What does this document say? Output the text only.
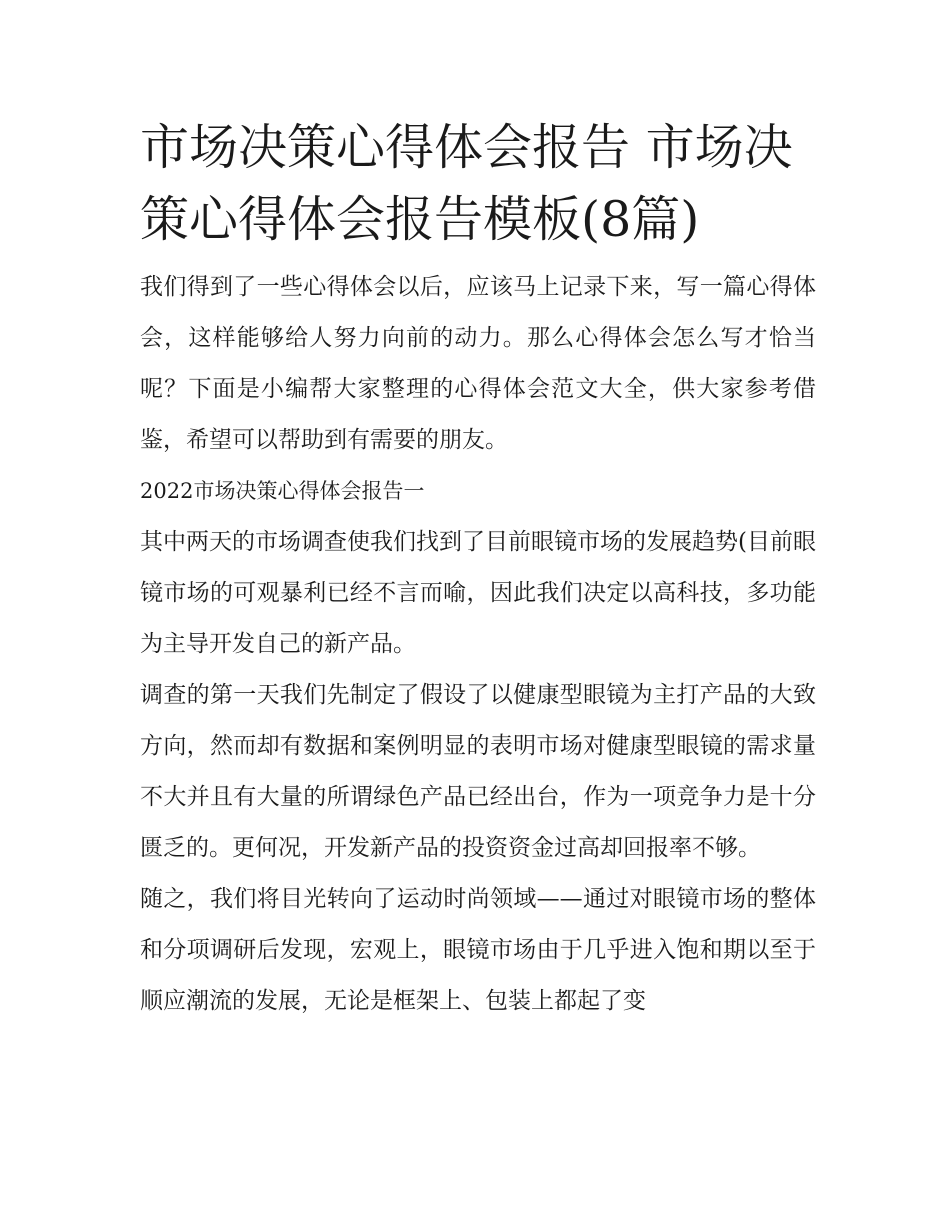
市场决策心得体会报告 市场决策心得体会报告模板(8篇)

我们得到了一些心得体会以后，应该马上记录下来，写一篇心得体会，这样能够给人努力向前的动力。那么心得体会怎么写才恰当呢？下面是小编帮大家整理的心得体会范文大全，供大家参考借鉴，希望可以帮助到有需要的朋友。

2022市场决策心得体会报告一

其中两天的市场调查使我们找到了目前眼镜市场的发展趋势(目前眼镜市场的可观暴利已经不言而喻，因此我们决定以高科技，多功能为主导开发自己的新产品。

调查的第一天我们先制定了假设了以健康型眼镜为主打产品的大致方向，然而却有数据和案例明显的表明市场对健康型眼镜的需求量不大并且有大量的所谓绿色产品已经出台，作为一项竞争力是十分匮乏的。更何况，开发新产品的投资资金过高却回报率不够。

随之，我们将目光转向了运动时尚领域——通过对眼镜市场的整体和分项调研后发现，宏观上，眼镜市场由于几乎进入饱和期以至于顺应潮流的发展，无论是框架上、包装上都起了变
